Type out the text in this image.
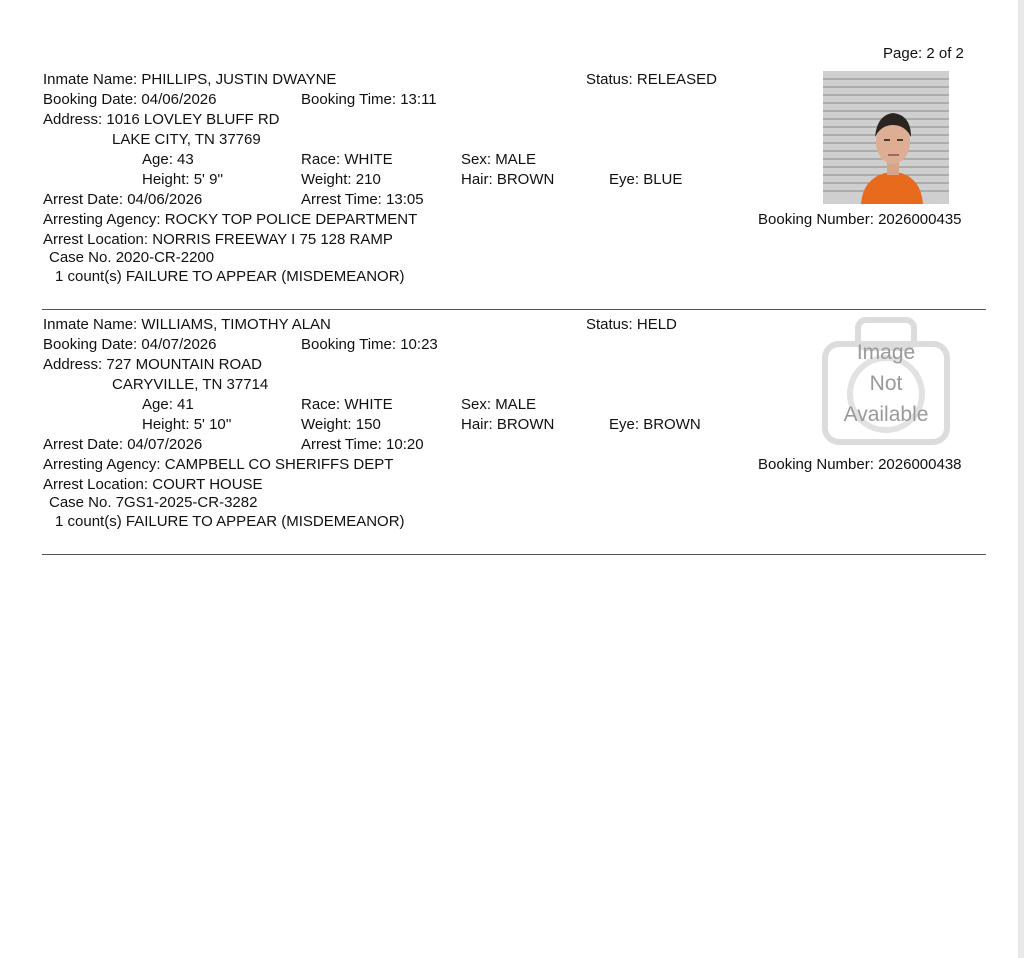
Page: 2 of 2
Inmate Name: PHILLIPS, JUSTIN DWAYNE	Status: RELEASED
Booking Date: 04/06/2026	Booking Time: 13:11
Address: 1016 LOVLEY BLUFF RD
LAKE CITY, TN 37769
Age: 43	Race: WHITE	Sex: MALE
Height: 5' 9''	Weight: 210	Hair: BROWN	Eye: BLUE
Arrest Date: 04/06/2026	Arrest Time: 13:05
Arresting Agency: ROCKY TOP POLICE DEPARTMENT	Booking Number: 2026000435
Arrest Location: NORRIS FREEWAY I 75 128 RAMP
Case No. 2020-CR-2200
1 count(s) FAILURE TO APPEAR (MISDEMEANOR)
Inmate Name: WILLIAMS, TIMOTHY ALAN	Status: HELD
Booking Date: 04/07/2026	Booking Time: 10:23
Address: 727 MOUNTAIN ROAD
CARYVILLE, TN 37714
Age: 41	Race: WHITE	Sex: MALE
Height: 5' 10''	Weight: 150	Hair: BROWN	Eye: BROWN
Arrest Date: 04/07/2026	Arrest Time: 10:20
Arresting Agency: CAMPBELL CO SHERIFFS DEPT	Booking Number: 2026000438
Arrest Location: COURT HOUSE
Case No. 7GS1-2025-CR-3282
1 count(s) FAILURE TO APPEAR (MISDEMEANOR)
Image
Not
Available
